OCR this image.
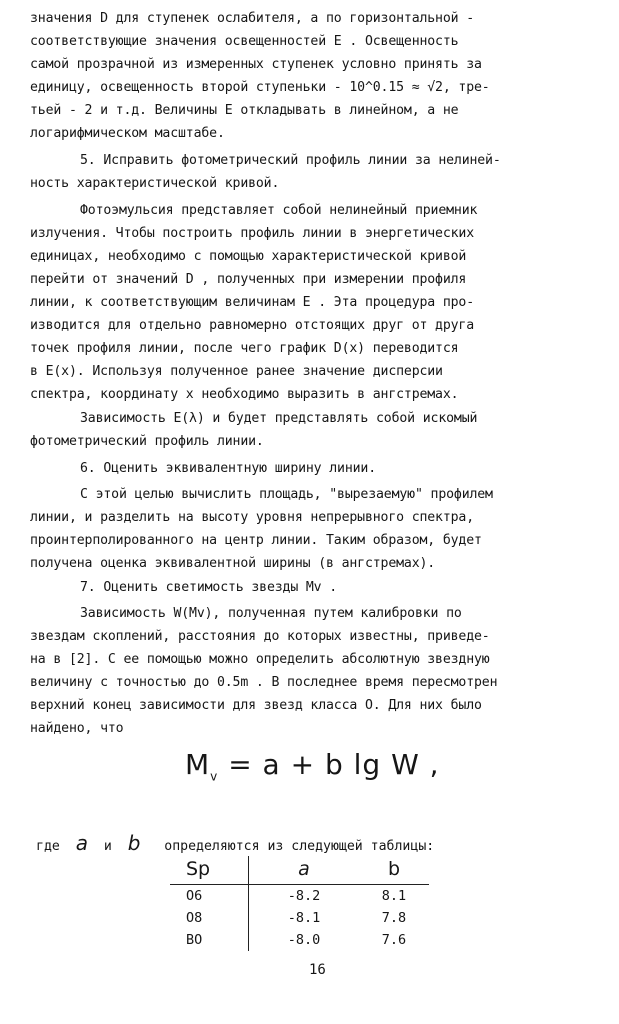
значения D для ступенек ослабителя, а по горизонтальной -
соответствующие значения освещенностей E . Освещенность
самой прозрачной из измеренных ступенек условно принять за
единицу, освещенность второй ступеньки - 10^0.15 ≈ √2, тре-
тьей - 2 и т.д. Величины E откладывать в линейном, а не
логарифмическом масштабе.
5. Исправить фотометрический профиль линии за нелиней-
ность характеристической кривой.
Фотоэмульсия представляет собой нелинейный приемник
излучения. Чтобы построить профиль линии в энергетических
единицах, необходимо с помощью характеристической кривой
перейти от значений D , полученных при измерении профиля
линии, к соответствующим величинам E . Эта процедура про-
изводится для отдельно равномерно отстоящих друг от друга
точек профиля линии, после чего график D(x) переводится
в E(x). Используя полученное ранее значение дисперсии
спектра, координату x необходимо выразить в ангстремах.
Зависимость E(λ) и будет представлять собой искомый
фотометрический профиль линии.
6. Оценить эквивалентную ширину линии.
С этой целью вычислить площадь, "вырезаемую" профилем
линии, и разделить на высоту уровня непрерывного спектра,
проинтерполированного на центр линии. Таким образом, будет
получена оценка эквивалентной ширины (в ангстремах).
7. Оценить светимость звезды Mv .
Зависимость W(Mv), полученная путем калибровки по
звездам скоплений, расстояния до которых известны, приведе-
на в [2]. С ее помощью можно определить абсолютную звездную
величину с точностью до 0.5m . В последнее время пересмотрен
верхний конец зависимости для звезд класса O. Для них было
найдено, что
$M_v = a + b$ lg W ,
где a и b определяются из следующей таблицы:
Sp	a	b
O6	-8.2	8.1
O8	-8.1	7.8
BO	-8.0	7.6
16
